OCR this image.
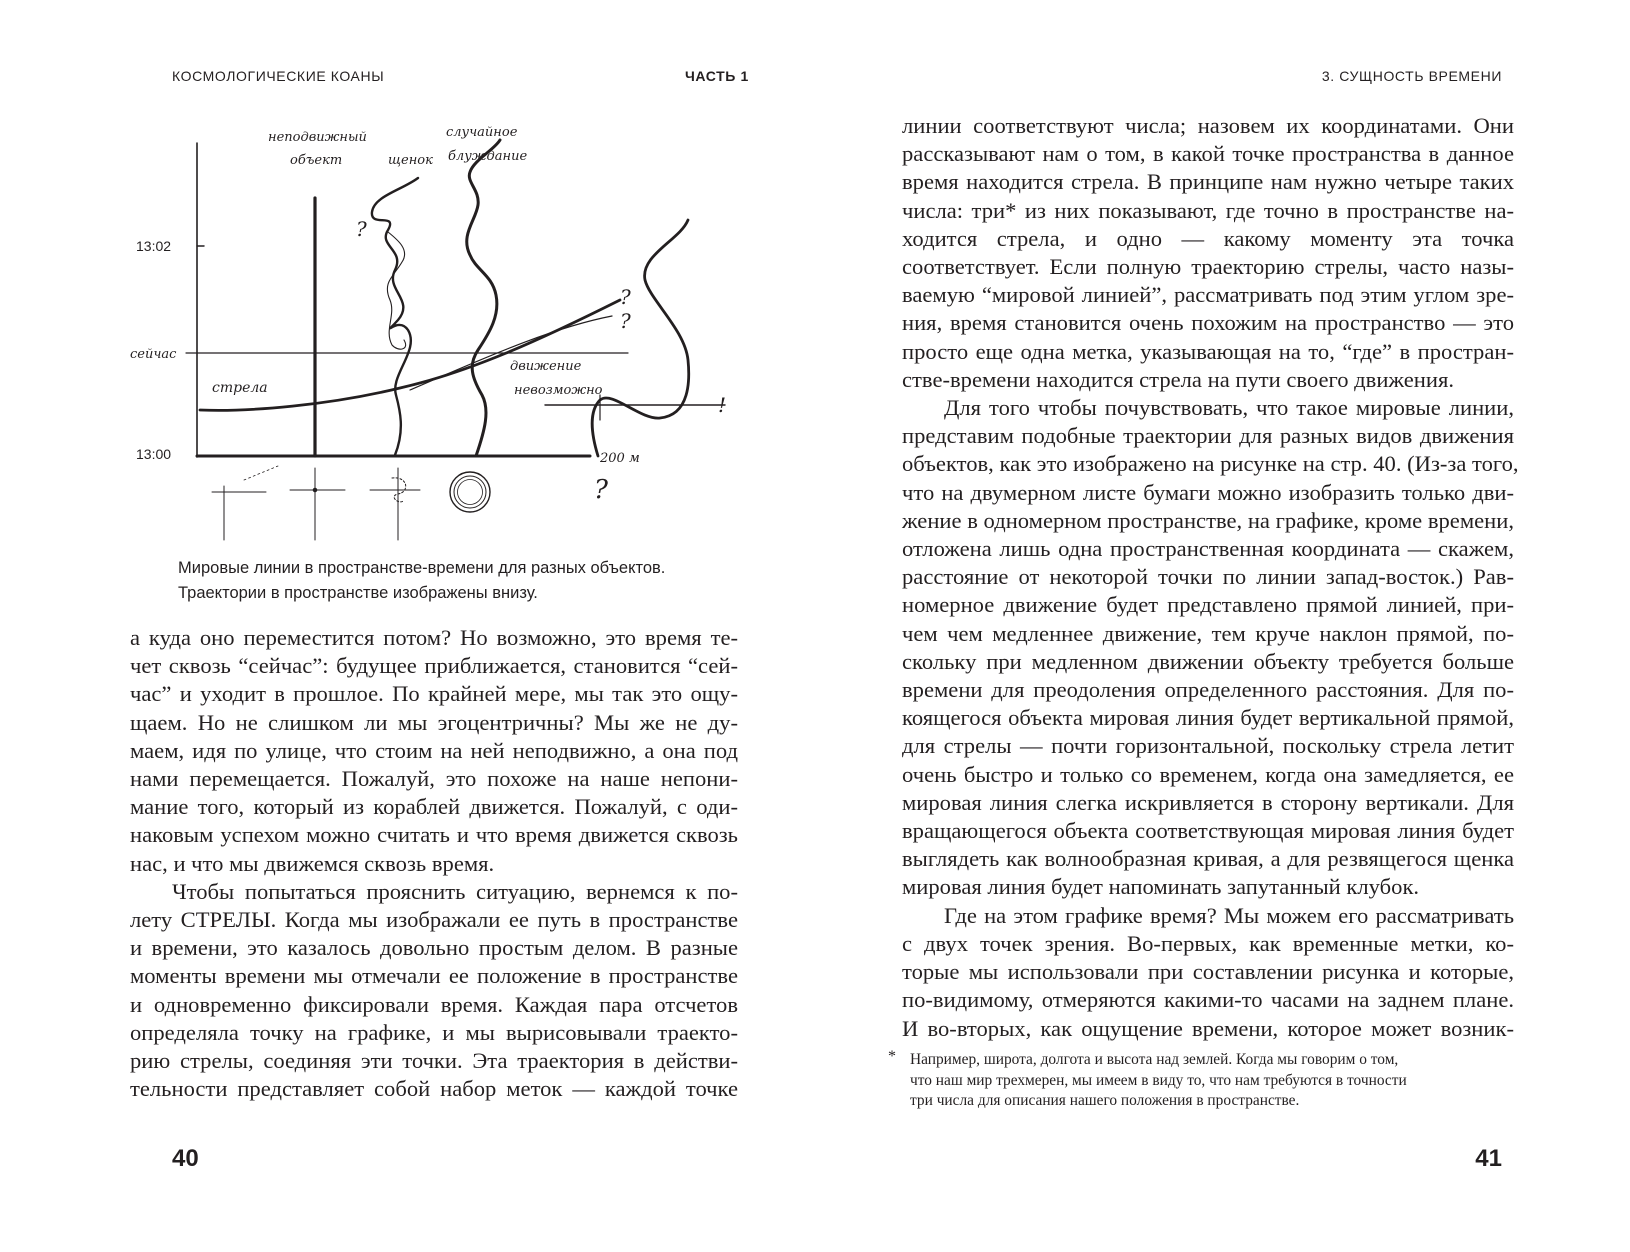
КОСМОЛОГИЧЕСКИЕ КОАНЫ	ЧАСТЬ 1	3. СУЩНОСТЬ ВРЕМЕНИ
неподвижный
объект	щенок
случайное
блуждание
сейчас
стрела
движение
невозможно
200 м
13:02
13:00
?
?
?
?
!
Мировые линии в пространстве-времени для разных объектов.
Траектории в пространстве изображены внизу.

а куда оно переместится потом? Но возможно, это время те-
чет сквозь “сейчас”: будущее приближается, становится “сей-
час” и уходит в прошлое. По крайней мере, мы так это ощу-
щаем. Но не слишком ли мы эгоцентричны? Мы же не ду-
маем, идя по улице, что стоим на ней неподвижно, а она под
нами перемещается. Пожалуй, это похоже на наше непони-
мание того, который из кораблей движется. Пожалуй, с оди-
наковым успехом можно считать и что время движется сквозь
нас, и что мы движемся сквозь время.

Чтобы попытаться прояснить ситуацию, вернемся к по-
лету СТРЕЛЫ. Когда мы изображали ее путь в пространстве
и времени, это казалось довольно простым делом. В разные
моменты времени мы отмечали ее положение в пространстве
и одновременно фиксировали время. Каждая пара отсчетов
определяла точку на графике, и мы вырисовывали траекто-
рию стрелы, соединяя эти точки. Эта траектория в действи-
тельности представляет собой набор меток — каждой точке

линии соответствуют числа; назовем их координатами. Они
рассказывают нам о том, в какой точке пространства в данное
время находится стрела. В принципе нам нужно четыре таких
числа: три* из них показывают, где точно в пространстве на-
ходится стрела, и одно — какому моменту эта точка
соответствует. Если полную траекторию стрелы, часто назы-
ваемую “мировой линией”, рассматривать под этим углом зре-
ния, время становится очень похожим на пространство — это
просто еще одна метка, указывающая на то, “где” в простран-
стве-времени находится стрела на пути своего движения.

Для того чтобы почувствовать, что такое мировые линии,
представим подобные траектории для разных видов движения
объектов, как это изображено на рисунке на стр. 40. (Из-за того,
что на двумерном листе бумаги можно изобразить только дви-
жение в одномерном пространстве, на графике, кроме времени,
отложена лишь одна пространственная координата — скажем,
расстояние от некоторой точки по линии запад-восток.) Рав-
номерное движение будет представлено прямой линией, при-
чем чем медленнее движение, тем круче наклон прямой, по-
скольку при медленном движении объекту требуется больше
времени для преодоления определенного расстояния. Для по-
коящегося объекта мировая линия будет вертикальной прямой,
для стрелы — почти горизонтальной, поскольку стрела летит
очень быстро и только со временем, когда она замедляется, ее
мировая линия слегка искривляется в сторону вертикали. Для
вращающегося объекта соответствующая мировая линия будет
выглядеть как волнообразная кривая, а для резвящегося щенка
мировая линия будет напоминать запутанный клубок.

Где на этом графике время? Мы можем его рассматривать
с двух точек зрения. Во-первых, как временные метки, ко-
торые мы использовали при составлении рисунка и которые,
по-видимому, отмеряются какими-то часами на заднем плане.
И во-вторых, как ощущение времени, которое может возник-

* Например, широта, долгота и высота над землей. Когда мы говорим о том,
что наш мир трехмерен, мы имеем в виду то, что нам требуются в точности
три числа для описания нашего положения в пространстве.
40	41
